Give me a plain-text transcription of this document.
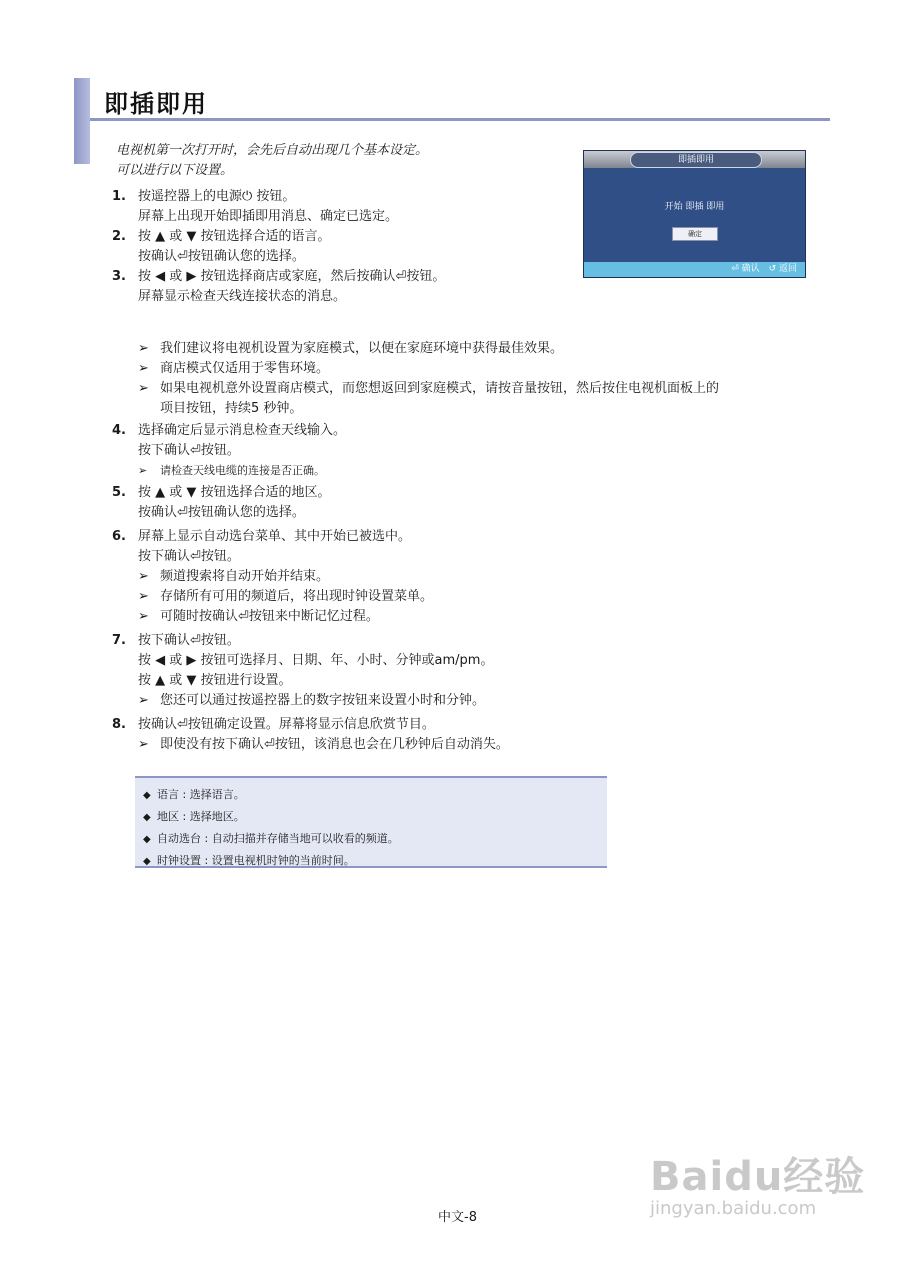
即插即用
电视机第一次打开时，会先后自动出现几个基本设定。
可以进行以下设置。
即插即用
开始 即插 即用
确定
⏎ 确认　↺ 返回
1. 按遥控器上的电源⏻ 按钮。
屏幕上出现开始即插即用消息、确定已选定。
2. 按 ▲ 或 ▼ 按钮选择合适的语言。
按确认⏎按钮确认您的选择。
3. 按 ◀ 或 ▶ 按钮选择商店或家庭，然后按确认⏎按钮。
屏幕显示检查天线连接状态的消息。
➢ 我们建议将电视机设置为家庭模式，以便在家庭环境中获得最佳效果。
➢ 商店模式仅适用于零售环境。
➢ 如果电视机意外设置商店模式，而您想返回到家庭模式，请按音量按钮，然后按住电视机面板上的
项目按钮，持续5 秒钟。
4. 选择确定后显示消息检查天线输入。
按下确认⏎按钮。
➢ 请检查天线电缆的连接是否正确。
5. 按 ▲ 或 ▼ 按钮选择合适的地区。
按确认⏎按钮确认您的选择。
6. 屏幕上显示自动选台菜单、其中开始已被选中。
按下确认⏎按钮。
➢ 频道搜索将自动开始并结束。
➢ 存储所有可用的频道后，将出现时钟设置菜单。
➢ 可随时按确认⏎按钮来中断记忆过程。
7. 按下确认⏎按钮。
按 ◀ 或 ▶ 按钮可选择月、日期、年、小时、分钟或am/pm。
按 ▲ 或 ▼ 按钮进行设置。
➢ 您还可以通过按遥控器上的数字按钮来设置小时和分钟。
8. 按确认⏎按钮确定设置。屏幕将显示信息欣赏节目。
➢ 即使没有按下确认⏎按钮，该消息也会在几秒钟后自动消失。
◆ 语言 : 选择语言。
◆ 地区 : 选择地区。
◆ 自动选台 : 自动扫描并存储当地可以收看的频道。
◆ 时钟设置 : 设置电视机时钟的当前时间。
中文-8
Baidu经验
jingyan.baidu.com
